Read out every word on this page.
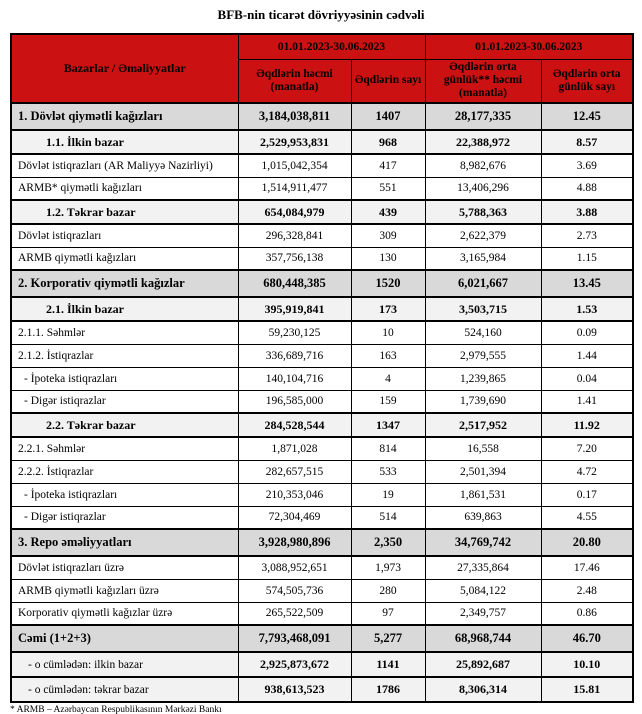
BFB-nin ticarət dövriyyəsinin cədvəli
Bazarlar / Əməliyyatlar	01.01.2023-30.06.2023		01.01.2023-30.06.2023	
	Əqdlərin həcmi (manatla)	Əqdlərin sayı	Əqdlərin orta günlük** həcmi (manatla)	Əqdlərin orta günlük sayı
1. Dövlət qiymətli kağızları	3,184,038,811	1407	28,177,335	12.45
1.1. İlkin bazar	2,529,953,831	968	22,388,972	8.57
Dövlət istiqrazları (AR Maliyyə Nazirliyi)	1,015,042,354	417	8,982,676	3.69
ARMB* qiymətli kağızları	1,514,911,477	551	13,406,296	4.88
1.2. Təkrar bazar	654,084,979	439	5,788,363	3.88
Dövlət istiqrazları	296,328,841	309	2,622,379	2.73
ARMB qiymətli kağızları	357,756,138	130	3,165,984	1.15
2. Korporativ qiymətli kağızlar	680,448,385	1520	6,021,667	13.45
2.1. İlkin bazar	395,919,841	173	3,503,715	1.53
2.1.1. Səhmlər	59,230,125	10	524,160	0.09
2.1.2. İstiqrazlar	336,689,716	163	2,979,555	1.44
- İpoteka istiqrazları	140,104,716	4	1,239,865	0.04
- Digər istiqrazlar	196,585,000	159	1,739,690	1.41
2.2. Təkrar bazar	284,528,544	1347	2,517,952	11.92
2.2.1. Səhmlər	1,871,028	814	16,558	7.20
2.2.2. İstiqrazlar	282,657,515	533	2,501,394	4.72
- İpoteka istiqrazları	210,353,046	19	1,861,531	0.17
- Digər istiqrazlar	72,304,469	514	639,863	4.55
3. Repo əməliyyatları	3,928,980,896	2,350	34,769,742	20.80
Dövlət istiqrazları üzrə	3,088,952,651	1,973	27,335,864	17.46
ARMB qiymətli kağızları üzrə	574,505,736	280	5,084,122	2.48
Korporativ qiymətli kağızlar üzrə	265,522,509	97	2,349,757	0.86
Cəmi (1+2+3)	7,793,468,091	5,277	68,968,744	46.70
- o cümlədən: ilkin bazar	2,925,873,672	1141	25,892,687	10.10
- o cümlədən: təkrar bazar	938,613,523	1786	8,306,314	15.81
* ARMB – Azərbaycan Respublikasının Mərkəzi Bankı
